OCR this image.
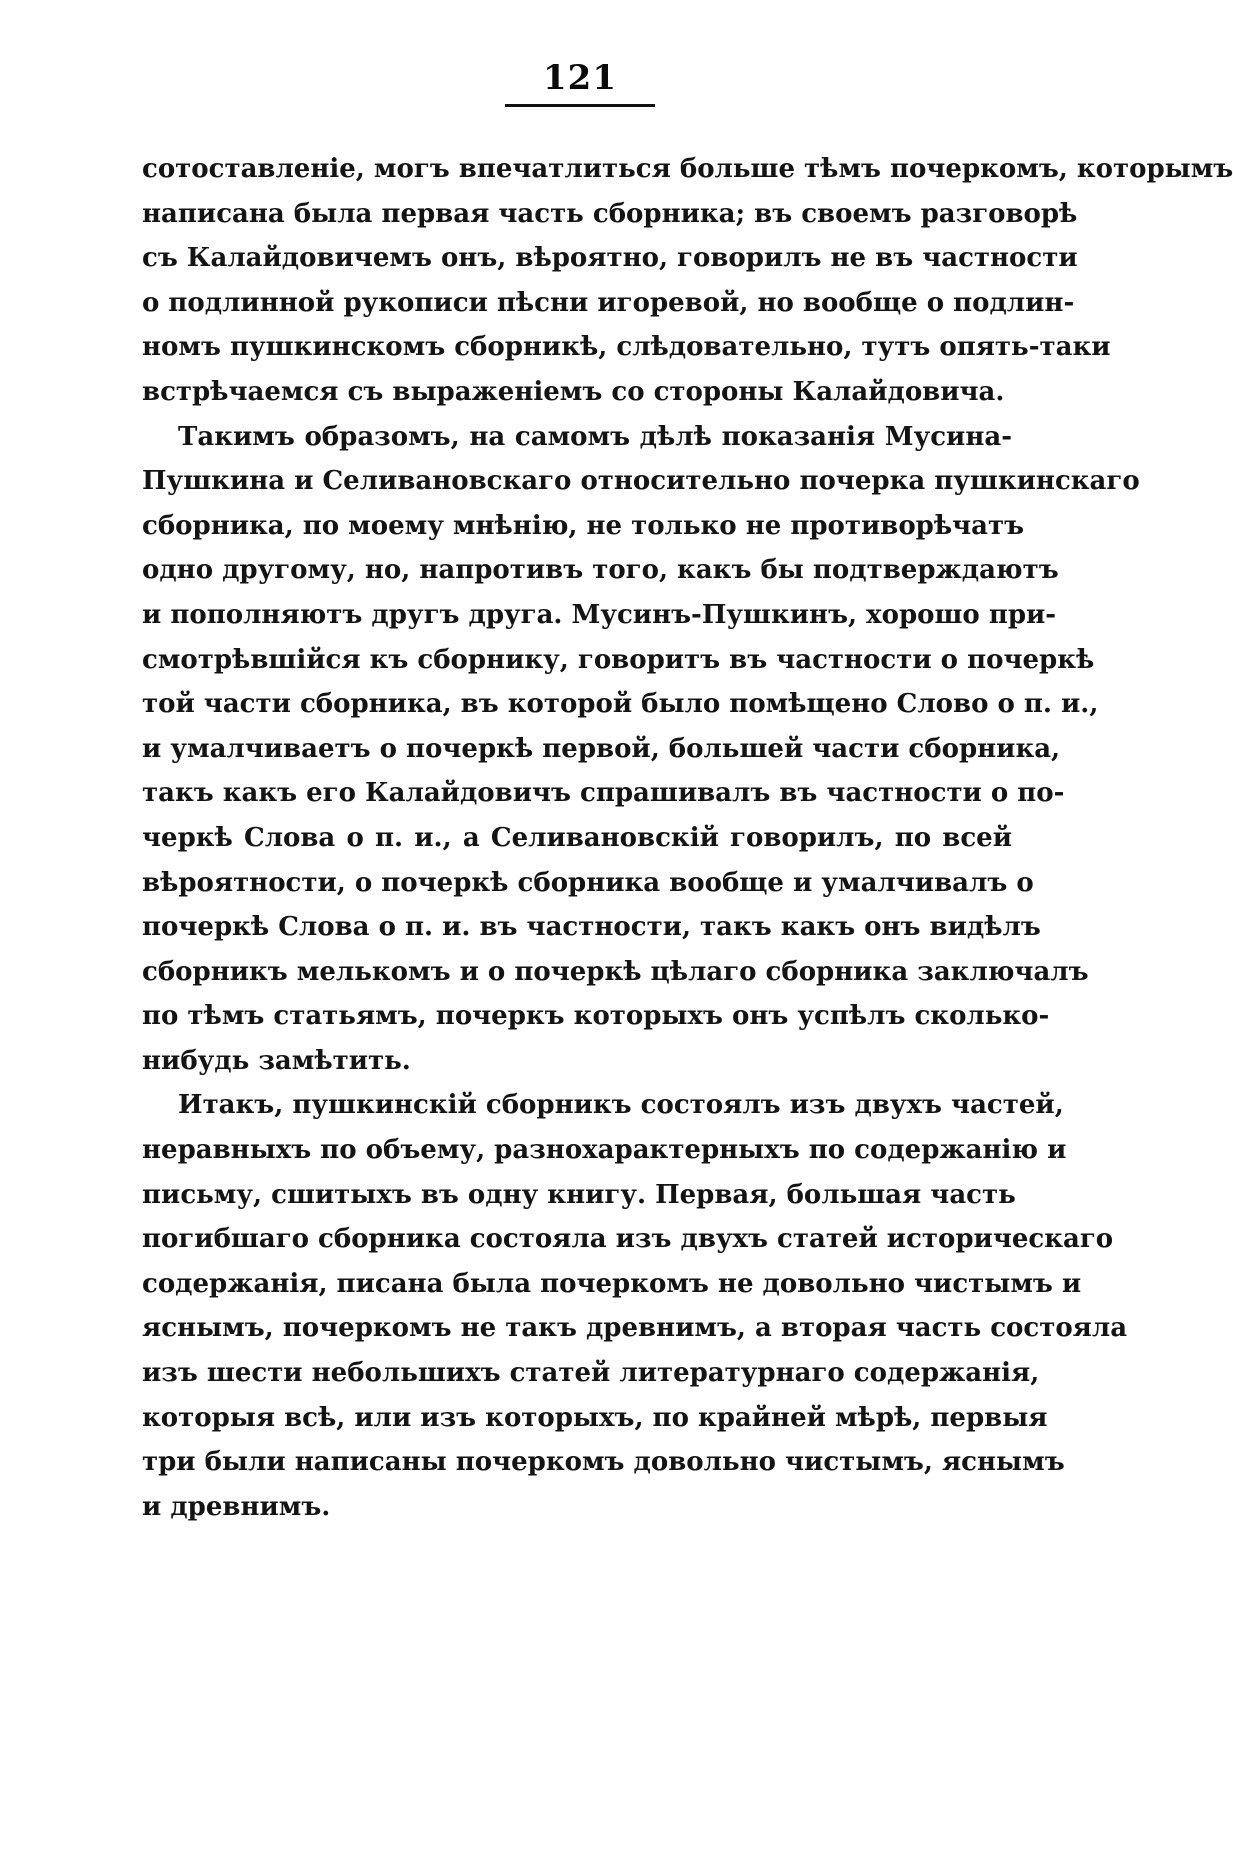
121
сотоставленіе, могъ впечатлиться больше тѣмъ почеркомъ, которымъ
написана была первая часть сборника; въ своемъ разговорѣ
съ Калайдовичемъ онъ, вѣроятно, говорилъ не въ частности
о подлинной рукописи пѣсни игоревой, но вообще о подлин-
номъ пушкинскомъ сборникѣ, слѣдовательно, тутъ опять-таки
встрѣчаемся съ выраженіемъ со стороны Калайдовича.
Такимъ образомъ, на самомъ дѣлѣ показанія Мусина-
Пушкина и Селивановскаго относительно почерка пушкинскаго
сборника, по моему мнѣнію, не только не противорѣчатъ
одно другому, но, напротивъ того, какъ бы подтверждаютъ
и пополняютъ другъ друга. Мусинъ-Пушкинъ, хорошо при-
смотрѣвшійся къ сборнику, говоритъ въ частности о почеркѣ
той части сборника, въ которой было помѣщено Слово о п. и.,
и умалчиваетъ о почеркѣ первой, большей части сборника,
такъ какъ его Калайдовичъ спрашивалъ въ частности о по-
черкѣ Слова о п. и., а Селивановскій говорилъ, по всей
вѣроятности, о почеркѣ сборника вообще и умалчивалъ о
почеркѣ Слова о п. и. въ частности, такъ какъ онъ видѣлъ
сборникъ мелькомъ и о почеркѣ цѣлаго сборника заключалъ
по тѣмъ статьямъ, почеркъ которыхъ онъ успѣлъ сколько-
нибудь замѣтить.
Итакъ, пушкинскій сборникъ состоялъ изъ двухъ частей,
неравныхъ по объему, разнохарактерныхъ по содержанію и
письму, сшитыхъ въ одну книгу. Первая, большая часть
погибшаго сборника состояла изъ двухъ статей историческаго
содержанія, писана была почеркомъ не довольно чистымъ и
яснымъ, почеркомъ не такъ древнимъ, а вторая часть состояла
изъ шести небольшихъ статей литературнаго содержанія,
которыя всѣ, или изъ которыхъ, по крайней мѣрѣ, первыя
три были написаны почеркомъ довольно чистымъ, яснымъ
и древнимъ.
